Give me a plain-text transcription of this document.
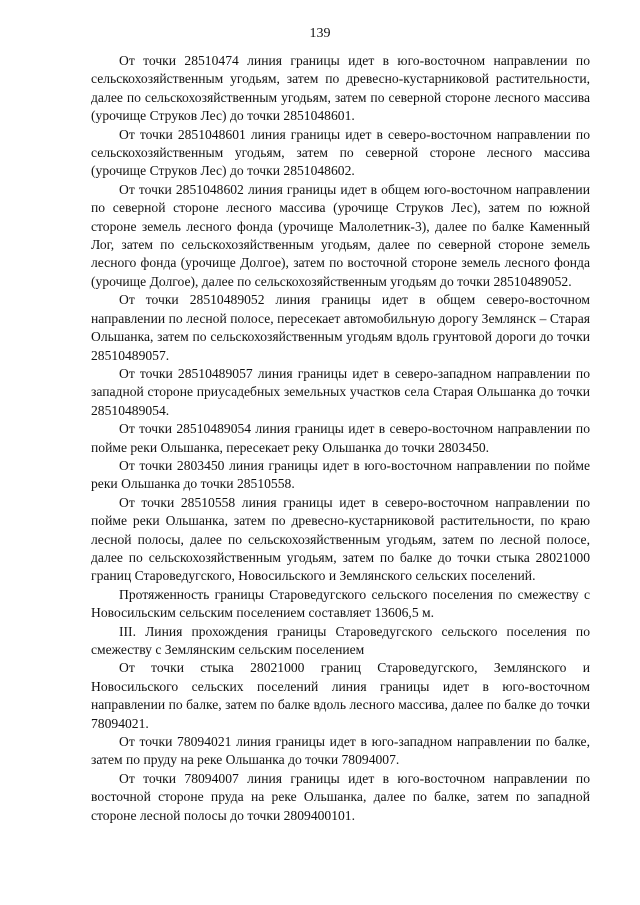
139

От точки 28510474 линия границы идет в юго-восточном направлении по сельскохозяйственным угодьям, затем по древесно-кустарниковой растительности, далее по сельскохозяйственным угодьям, затем по северной стороне лесного массива (урочище Струков Лес) до точки 2851048601.

От точки 2851048601 линия границы идет в северо-восточном направлении по сельскохозяйственным угодьям, затем по северной стороне лесного массива (урочище Струков Лес) до точки 2851048602.

От точки 2851048602 линия границы идет в общем юго-восточном направлении по северной стороне лесного массива (урочище Струков Лес), затем по южной стороне земель лесного фонда (урочище Малолетник-3), далее по балке Каменный Лог, затем по сельскохозяйственным угодьям, далее по северной стороне земель лесного фонда (урочище Долгое), затем по восточной стороне земель лесного фонда (урочище Долгое), далее по сельскохозяйственным угодьям до точки 28510489052.

От точки 28510489052 линия границы идет в общем северо-восточном направлении по лесной полосе, пересекает автомобильную дорогу Землянск – Старая Ольшанка, затем по сельскохозяйственным угодьям вдоль грунтовой дороги до точки 28510489057.

От точки 28510489057 линия границы идет в северо-западном направлении по западной стороне приусадебных земельных участков села Старая Ольшанка до точки 28510489054.

От точки 28510489054 линия границы идет в северо-восточном направлении по пойме реки Ольшанка, пересекает реку Ольшанка до точки 2803450.

От точки 2803450 линия границы идет в юго-восточном направлении по пойме реки Ольшанка до точки 28510558.

От точки 28510558 линия границы идет в северо-восточном направлении по пойме реки Ольшанка, затем по древесно-кустарниковой растительности, по краю лесной полосы, далее по сельскохозяйственным угодьям, затем по лесной полосе, далее по сельскохозяйственным угодьям, затем по балке до точки стыка 28021000 границ Староведугского, Новосильского и Землянского сельских поселений.

Протяженность границы Староведугского сельского поселения по смежеству с Новосильским сельским поселением составляет 13606,5 м.

III. Линия прохождения границы Староведугского сельского поселения по смежеству с Землянским сельским поселением

От точки стыка 28021000 границ Староведугского, Землянского и Новосильского сельских поселений линия границы идет в юго-восточном направлении по балке, затем по балке вдоль лесного массива, далее по балке до точки 78094021.

От точки 78094021 линия границы идет в юго-западном направлении по балке, затем по пруду на реке Ольшанка до точки 78094007.

От точки 78094007 линия границы идет в юго-восточном направлении по восточной стороне пруда на реке Ольшанка, далее по балке, затем по западной стороне лесной полосы до точки 2809400101.
